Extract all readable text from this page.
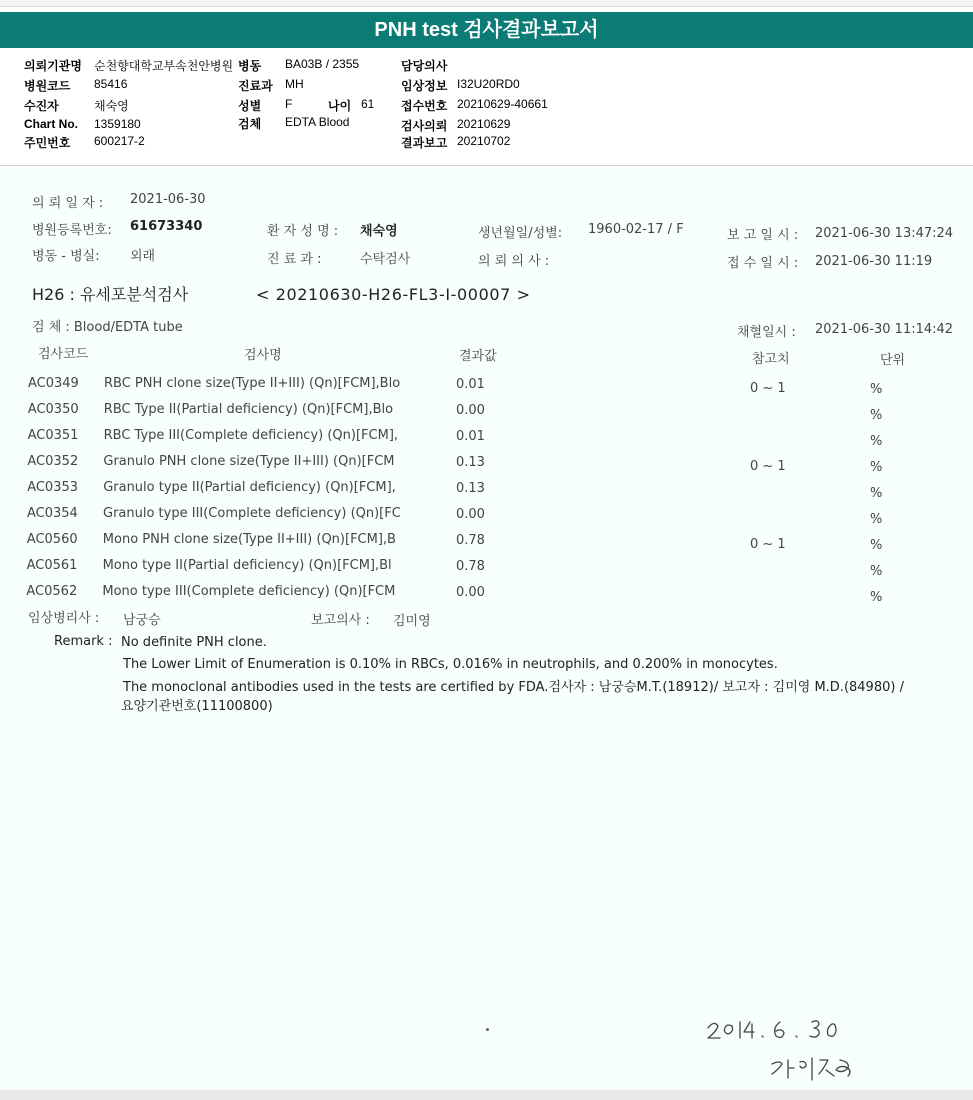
PNH test 검사결과보고서
의뢰기관명 순천향대학교부속천안병원
병원코드 85416
수진자	채숙영
Chart No. 1359180
주민번호 600217-2
병동 BA03B / 2355
진료과 MH
성별 F	나이 61
검체 EDTA Blood
담당의사
임상정보 I32U20RD0
접수번호 20210629-40661
검사의뢰 20210629
결과보고 20210702
의 뢰 일 자 : 2021-06-30
병원등록번호: 61673340	환 자 성 명 : 채숙영	생년월일/성별: 1960-02-17 / F	보 고 일 시 : 2021-06-30 13:47:24
병동 - 병실: 외래	진 료 과 :	수탁검사	의 뢰 의 사 :	접 수 일 시 : 2021-06-30 11:19
H26 : 유세포분석검사	< 20210630-H26-FL3-I-00007 >
검 체 : Blood/EDTA tube	채혈일시 : 2021-06-30 11:14:42
검사코드	검사명	결과값	참고치	단위
AC0349 RBC PNH clone size(Type II+III) (Qn)[FCM],Blo	0.01	0 ~ 1	%
AC0350 RBC Type II(Partial deficiency) (Qn)[FCM],Blo	0.00	%
AC0351 RBC Type III(Complete deficiency) (Qn)[FCM],	0.01	%
AC0352 Granulo PNH clone size(Type II+III) (Qn)[FCM	0.13	0 ~ 1	%
AC0353 Granulo type II(Partial deficiency) (Qn)[FCM],	0.13	%
AC0354 Granulo type III(Complete deficiency) (Qn)[FC	0.00	%
AC0560 Mono PNH clone size(Type II+III) (Qn)[FCM],B	0.78	0 ~ 1	%
AC0561 Mono type II(Partial deficiency) (Qn)[FCM],Bl	0.78	%
AC0562 Mono type III(Complete deficiency) (Qn)[FCM	0.00	%
임상병리사 : 남궁승	보고의사 : 김미영
Remark : No definite PNH clone.
The Lower Limit of Enumeration is 0.10% in RBCs, 0.016% in neutrophils, and 0.200% in monocytes.
The monoclonal antibodies used in the tests are certified by FDA.검사자 : 남궁승M.T.(18912)/ 보고자 : 김미영 M.D.(84980) /
요양기관번호(11100800)
